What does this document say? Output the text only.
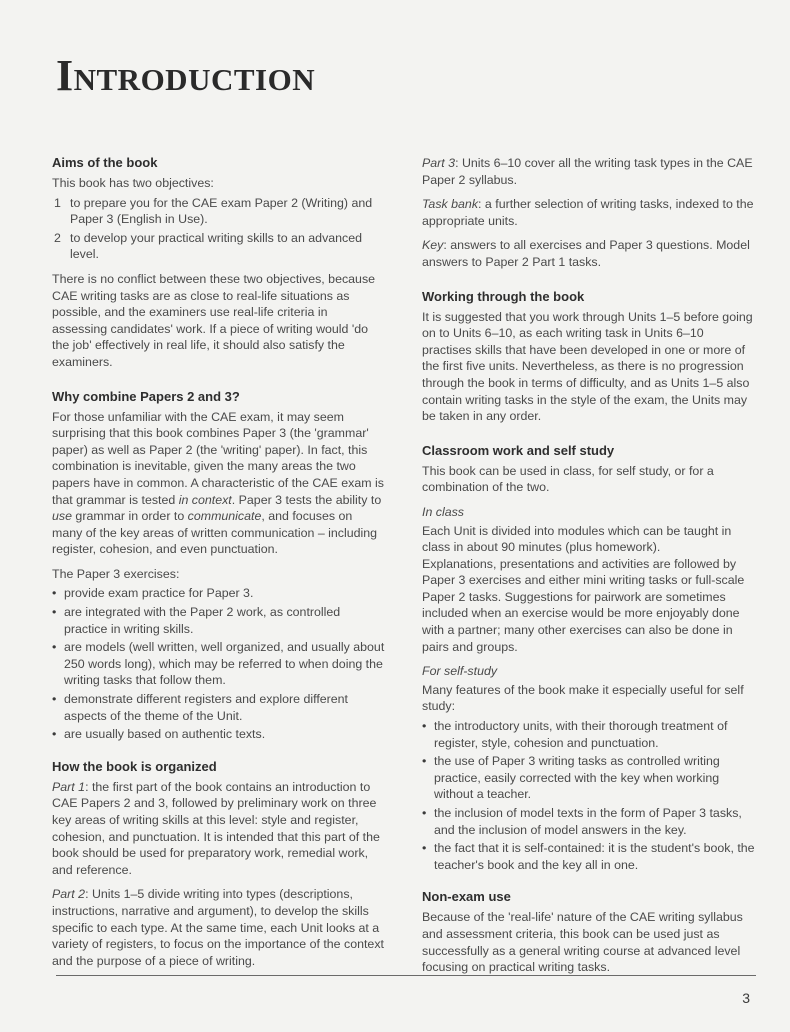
Introduction
Aims of the book

This book has two objectives:

1 to prepare you for the CAE exam Paper 2 (Writing) and Paper 3 (English in Use).
2 to develop your practical writing skills to an advanced level.

There is no conflict between these two objectives, because CAE writing tasks are as close to real-life situations as possible, and the examiners use real-life criteria in assessing candidates' work. If a piece of writing would 'do the job' effectively in real life, it should also satisfy the examiners.

Why combine Papers 2 and 3?

For those unfamiliar with the CAE exam, it may seem surprising that this book combines Paper 3 (the 'grammar' paper) as well as Paper 2 (the 'writing' paper). In fact, this combination is inevitable, given the many areas the two papers have in common. A characteristic of the CAE exam is that grammar is tested in context. Paper 3 tests the ability to use grammar in order to communicate, and focuses on many of the key areas of written communication – including register, cohesion, and even punctuation.

The Paper 3 exercises:

• provide exam practice for Paper 3.
• are integrated with the Paper 2 work, as controlled practice in writing skills.
• are models (well written, well organized, and usually about 250 words long), which may be referred to when doing the writing tasks that follow them.
• demonstrate different registers and explore different aspects of the theme of the Unit.
• are usually based on authentic texts.
How the book is organized

Part 1: the first part of the book contains an introduction to CAE Papers 2 and 3, followed by preliminary work on three key areas of writing skills at this level: style and register, cohesion, and punctuation. It is intended that this part of the book should be used for preparatory work, remedial work, and reference.

Part 2: Units 1–5 divide writing into types (descriptions, instructions, narrative and argument), to develop the skills specific to each type. At the same time, each Unit looks at a variety of registers, to focus on the importance of the context and the purpose of a piece of writing.

Part 3: Units 6–10 cover all the writing task types in the CAE Paper 2 syllabus.

Task bank: a further selection of writing tasks, indexed to the appropriate units.

Key: answers to all exercises and Paper 3 questions. Model answers to Paper 2 Part 1 tasks.

Working through the book

It is suggested that you work through Units 1–5 before going on to Units 6–10, as each writing task in Units 6–10 practises skills that have been developed in one or more of the first five units. Nevertheless, as there is no progression through the book in terms of difficulty, and as Units 1–5 also contain writing tasks in the style of the exam, the Units may be taken in any order.

Classroom work and self study

This book can be used in class, for self study, or for a combination of the two.

In class

Each Unit is divided into modules which can be taught in class in about 90 minutes (plus homework).

Explanations, presentations and activities are followed by Paper 3 exercises and either mini writing tasks or full-scale Paper 2 tasks. Suggestions for pairwork are sometimes included when an exercise would be more enjoyably done with a partner; many other exercises can also be done in pairs and groups.

For self-study

Many features of the book make it especially useful for self study:

• the introductory units, with their thorough treatment of register, style, cohesion and punctuation.
• the use of Paper 3 writing tasks as controlled writing practice, easily corrected with the key when working without a teacher.
• the inclusion of model texts in the form of Paper 3 tasks, and the inclusion of model answers in the key.
• the fact that it is self-contained: it is the student's book, the teacher's book and the key all in one.
Non-exam use

Because of the 'real-life' nature of the CAE writing syllabus and assessment criteria, this book can be used just as successfully as a general writing course at advanced level focusing on practical writing tasks.

3
